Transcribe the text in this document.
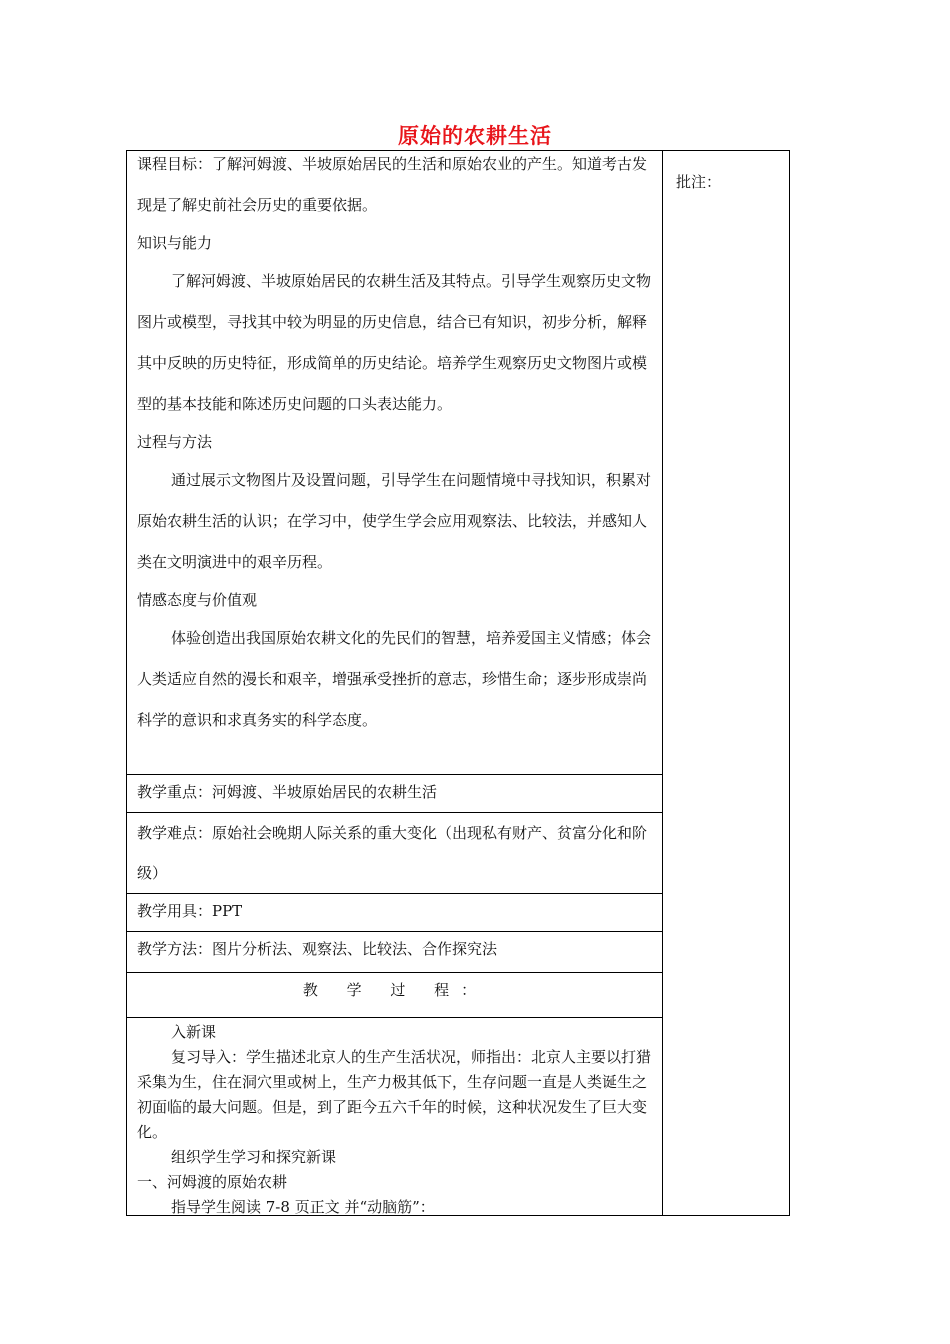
原始的农耕生活
批注：

课程目标：了解河姆渡、半坡原始居民的生活和原始农业的产生。知道考古发现是了解史前社会历史的重要依据。

知识与能力

了解河姆渡、半坡原始居民的农耕生活及其特点。引导学生观察历史文物图片或模型，寻找其中较为明显的历史信息，结合已有知识，初步分析，解释其中反映的历史特征，形成简单的历史结论。培养学生观察历史文物图片或模型的基本技能和陈述历史问题的口头表达能力。

过程与方法

通过展示文物图片及设置问题，引导学生在问题情境中寻找知识，积累对原始农耕生活的认识；在学习中，使学生学会应用观察法、比较法，并感知人类在文明演进中的艰辛历程。

情感态度与价值观

体验创造出我国原始农耕文化的先民们的智慧，培养爱国主义情感；体会人类适应自然的漫长和艰辛，增强承受挫折的意志，珍惜生命；逐步形成崇尚科学的意识和求真务实的科学态度。

教学重点：河姆渡、半坡原始居民的农耕生活

教学难点：原始社会晚期人际关系的重大变化（出现私有财产、贫富分化和阶级）

教学用具：PPT

教学方法：图片分析法、观察法、比较法、合作探究法

教 学 过 程：

入新课

复习导入：学生描述北京人的生产生活状况，师指出：北京人主要以打猎采集为生，住在洞穴里或树上，生产力极其低下，生存问题一直是人类诞生之初面临的最大问题。但是，到了距今五六千年的时候，这种状况发生了巨大变化。

组织学生学习和探究新课

一、河姆渡的原始农耕

指导学生阅读 7-8 页正文 并“动脑筋”：
